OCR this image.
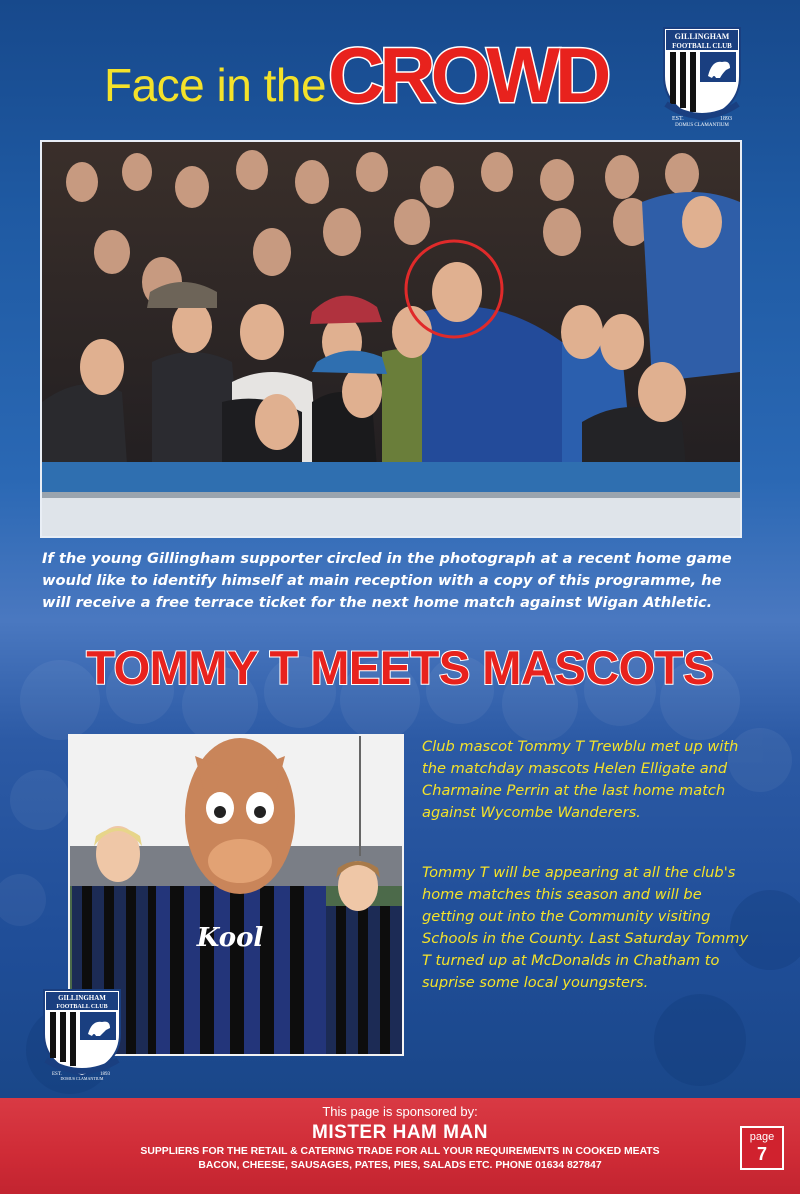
Face in the CROWD	GILLINGHAM
FOOTBALL CLUB
EST.	1893
DOMUS CLAMANTIUM
If the young Gillingham supporter circled in the photograph at a recent home game would like to identify himself at main reception with a copy of this programme, he will receive a free terrace ticket for the next home match against Wigan Athletic.
TOMMY T MEETS MASCOTS
Kool
GILLINGHAM
FOOTBALL CLUB
EST.	1893
DOMUS CLAMANTIUM
Club mascot Tommy T Trewblu met up with the matchday mascots Helen Elligate and Charmaine Perrin at the last home match against Wycombe Wanderers.
Tommy T will be appearing at all the club's home matches this season and will be getting out into the Community visiting Schools in the County. Last Saturday Tommy T turned up at McDonalds in Chatham to suprise some local youngsters.
This page is sponsored by:
MISTER HAM MAN
SUPPLIERS FOR THE RETAIL & CATERING TRADE FOR ALL YOUR REQUIREMENTS IN COOKED MEATS
BACON, CHEESE, SAUSAGES, PATES, PIES, SALADS ETC. PHONE 01634 827847
page
7
